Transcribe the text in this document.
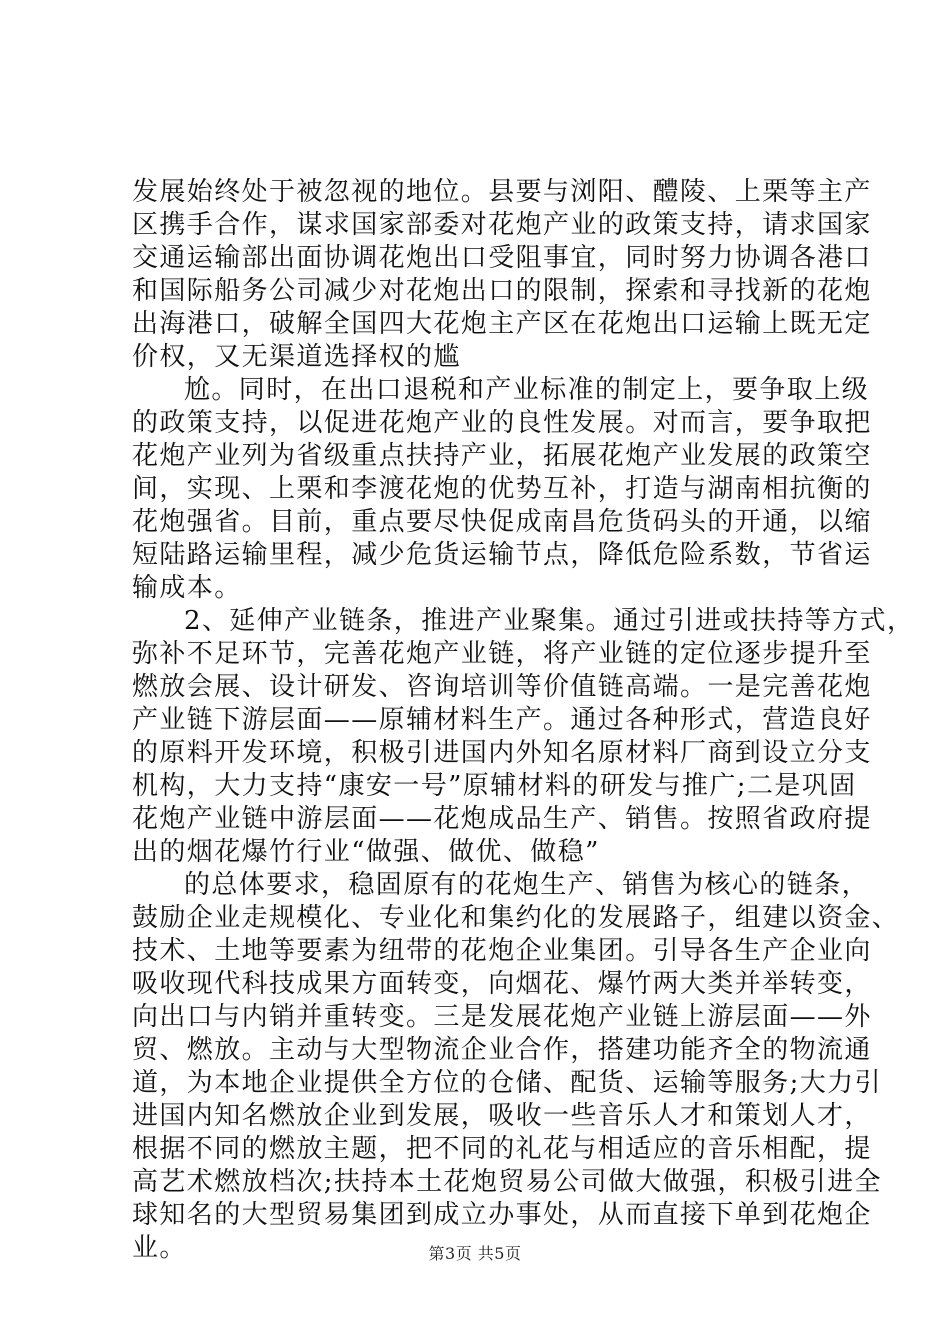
发展始终处于被忽视的地位。县要与浏阳、醴陵、上栗等主产
区携手合作，谋求国家部委对花炮产业的政策支持，请求国家
交通运输部出面协调花炮出口受阻事宜，同时努力协调各港口
和国际船务公司减少对花炮出口的限制，探索和寻找新的花炮
出海港口，破解全国四大花炮主产区在花炮出口运输上既无定
价权，又无渠道选择权的尴
尬。同时，在出口退税和产业标准的制定上，要争取上级
的政策支持，以促进花炮产业的良性发展。对而言，要争取把
花炮产业列为省级重点扶持产业，拓展花炮产业发展的政策空
间，实现、上栗和李渡花炮的优势互补，打造与湖南相抗衡的
花炮强省。目前，重点要尽快促成南昌危货码头的开通，以缩
短陆路运输里程，减少危货运输节点，降低危险系数，节省运
输成本。
2、延伸产业链条，推进产业聚集。通过引进或扶持等方式，
弥补不足环节，完善花炮产业链，将产业链的定位逐步提升至
燃放会展、设计研发、咨询培训等价值链高端。一是完善花炮
产业链下游层面——原辅材料生产。通过各种形式，营造良好
的原料开发环境，积极引进国内外知名原材料厂商到设立分支
机构，大力支持“康安一号”原辅材料的研发与推广;二是巩固
花炮产业链中游层面——花炮成品生产、销售。按照省政府提
出的烟花爆竹行业“做强、做优、做稳”
的总体要求，稳固原有的花炮生产、销售为核心的链条，
鼓励企业走规模化、专业化和集约化的发展路子，组建以资金、
技术、土地等要素为纽带的花炮企业集团。引导各生产企业向
吸收现代科技成果方面转变，向烟花、爆竹两大类并举转变，
向出口与内销并重转变。三是发展花炮产业链上游层面——外
贸、燃放。主动与大型物流企业合作，搭建功能齐全的物流通
道，为本地企业提供全方位的仓储、配货、运输等服务;大力引
进国内知名燃放企业到发展，吸收一些音乐人才和策划人才，
根据不同的燃放主题，把不同的礼花与相适应的音乐相配，提
高艺术燃放档次;扶持本土花炮贸易公司做大做强，积极引进全
球知名的大型贸易集团到成立办事处，从而直接下单到花炮企
业。	第3页 共5页
